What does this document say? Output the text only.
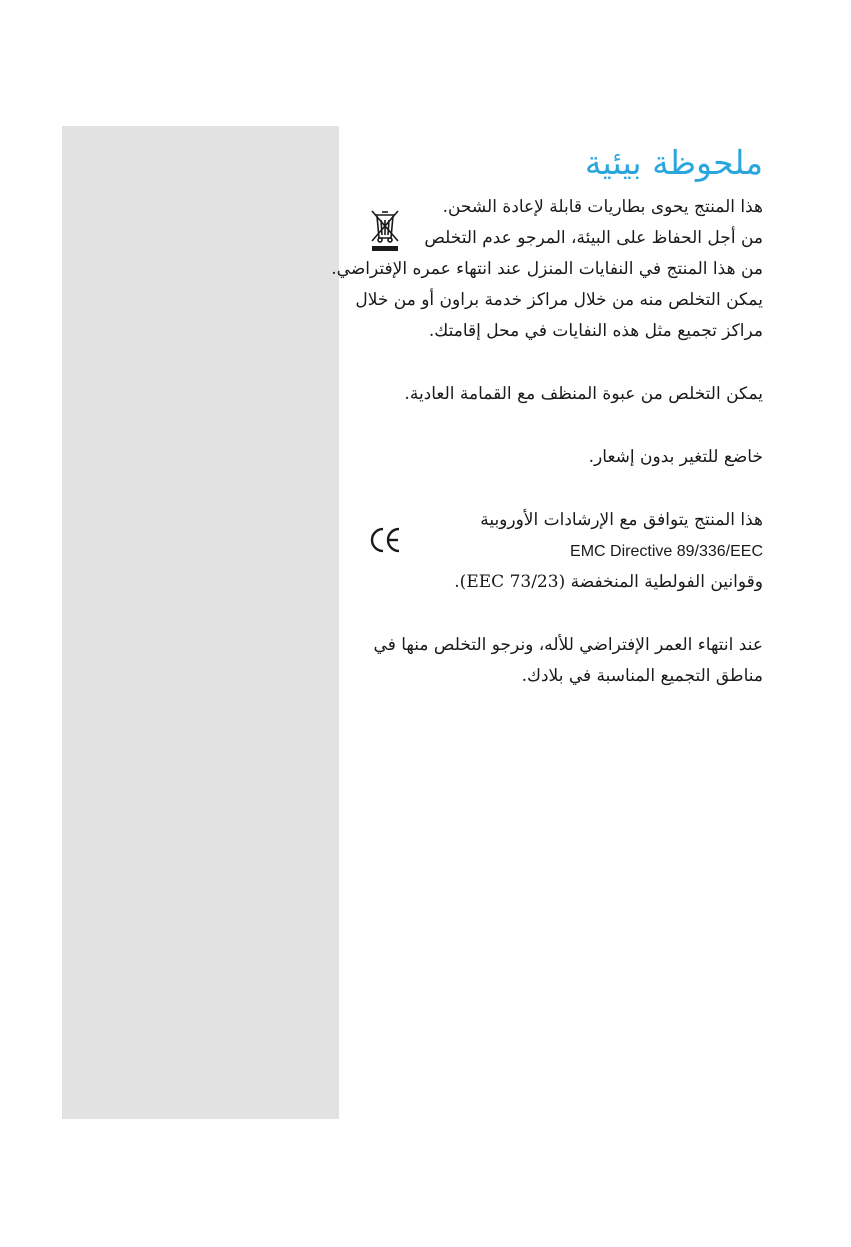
ملحوظة بيئية
هذا المنتج يحوى بطاريات قابلة لإعادة الشحن.
من أجل الحفاظ على البيئة، المرجو عدم التخلص
من هذا المنتج في النفايات المنزل عند انتهاء عمره الإفتراضي.
يمكن التخلص منه من خلال مراكز خدمة براون أو من خلال
مراكز تجميع مثل هذه النفايات في محل إقامتك.
يمكن التخلص من عبوة المنظف مع القمامة العادية.
خاضع للتغير بدون إشعار.
هذا المنتج يتوافق مع الإرشادات الأوروبية
EMC Directive 89/336/EEC
وقوانين الفولطية المنخفضة (73/23 EEC).
عند انتهاء العمر الإفتراضي للأله، ونرجو التخلص منها في
مناطق التجميع المناسبة في بلادك.
